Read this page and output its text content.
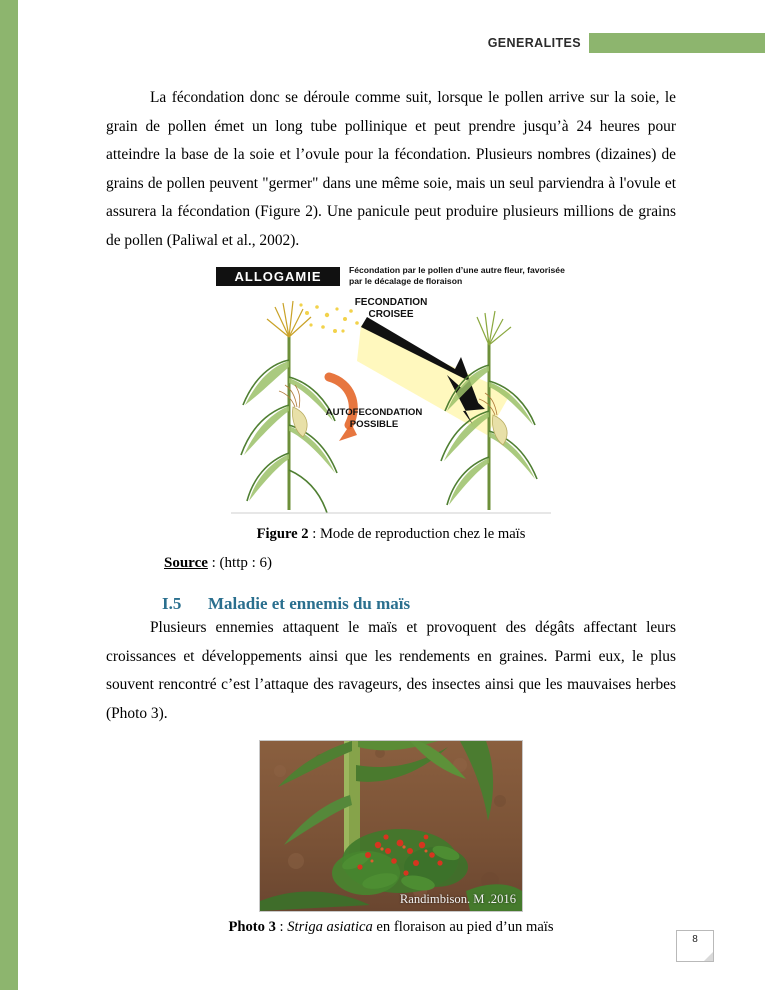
GENERALITES

La fécondation donc se déroule comme suit, lorsque le pollen arrive sur la soie, le grain de pollen émet un long tube pollinique et peut prendre jusqu’à 24 heures pour atteindre la base de la soie et l’ovule pour la fécondation. Plusieurs nombres (dizaines) de grains de pollen peuvent "germer" dans une même soie, mais un seul parviendra à l'ovule et assurera la fécondation (Figure 2). Une panicule peut produire plusieurs millions de grains de pollen (Paliwal et al., 2002).

ALLOGAMIE	Fécondation par le pollen d’une autre fleur, favorisée par le décalage de floraison
FECONDATION CROISEE
AUTOFECONDATION POSSIBLE
Figure 2 : Mode de reproduction chez le maïs
Source : (http : 6)
I.5 Maladie et ennemis du maïs

Plusieurs ennemies attaquent le maïs et provoquent des dégâts affectant leurs croissances et développements ainsi que les rendements en graines. Parmi eux, le plus souvent rencontré c’est l’attaque des ravageurs, des insectes ainsi que les mauvaises herbes (Photo 3).

Randimbison. M .2016
Photo 3 : Striga asiatica en floraison au pied d’un maïs
8
